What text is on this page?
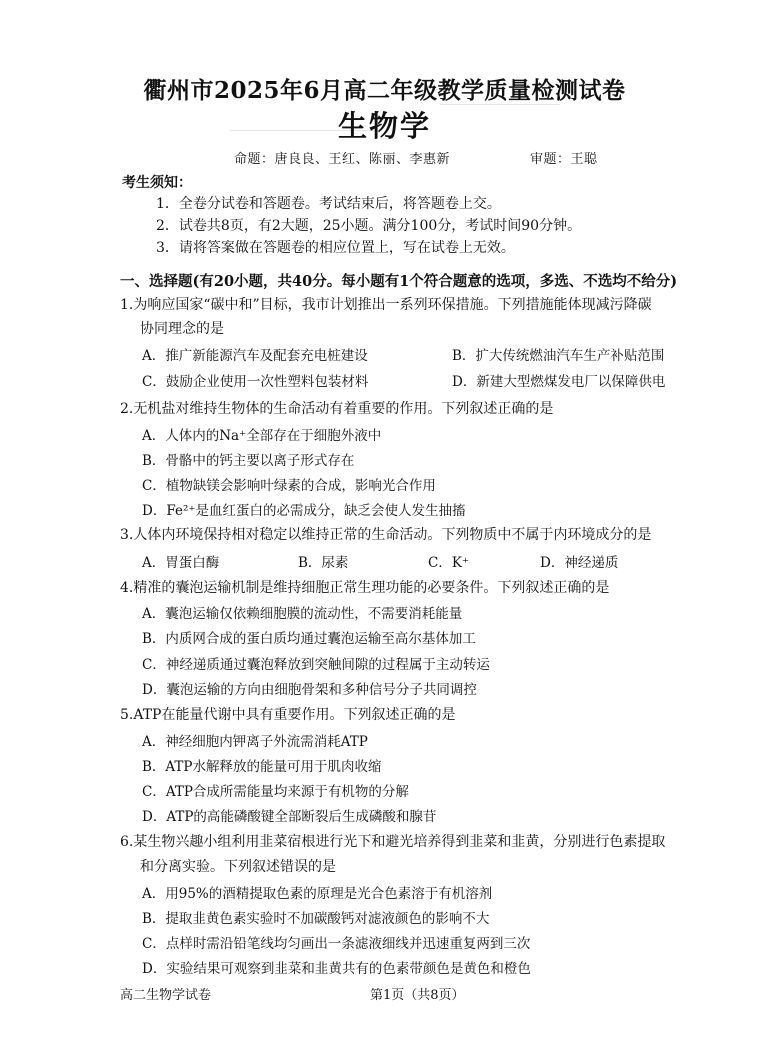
衢州市2025年6月高二年级教学质量检测试卷
生物学
命题：唐良良、王红、陈丽、李惠新	审题：王聪
考生须知：
1．全卷分试卷和答题卷。考试结束后，将答题卷上交。
2．试卷共8页，有2大题，25小题。满分100分，考试时间90分钟。
3．请将答案做在答题卷的相应位置上，写在试卷上无效。
一、选择题(有20小题，共40分。每小题有1个符合题意的选项，多选、不选均不给分)
1.为响应国家“碳中和”目标，我市计划推出一系列环保措施。下列措施能体现减污降碳
协同理念的是
A．推广新能源汽车及配套充电桩建设	B．扩大传统燃油汽车生产补贴范围
C．鼓励企业使用一次性塑料包装材料	D．新建大型燃煤发电厂以保障供电
2.无机盐对维持生物体的生命活动有着重要的作用。下列叙述正确的是
A．人体内的Na⁺全部存在于细胞外液中
B．骨骼中的钙主要以离子形式存在
C．植物缺镁会影响叶绿素的合成，影响光合作用
D．Fe²⁺是血红蛋白的必需成分，缺乏会使人发生抽搐
3.人体内环境保持相对稳定以维持正常的生命活动。下列物质中不属于内环境成分的是
A．胃蛋白酶	B．尿素	C．K⁺	D．神经递质
4.精准的囊泡运输机制是维持细胞正常生理功能的必要条件。下列叙述正确的是
A．囊泡运输仅依赖细胞膜的流动性，不需要消耗能量
B．内质网合成的蛋白质均通过囊泡运输至高尔基体加工
C．神经递质通过囊泡释放到突触间隙的过程属于主动转运
D．囊泡运输的方向由细胞骨架和多种信号分子共同调控
5.ATP在能量代谢中具有重要作用。下列叙述正确的是
A．神经细胞内钾离子外流需消耗ATP
B．ATP水解释放的能量可用于肌肉收缩
C．ATP合成所需能量均来源于有机物的分解
D．ATP的高能磷酸键全部断裂后生成磷酸和腺苷
6.某生物兴趣小组利用韭菜宿根进行光下和避光培养得到韭菜和韭黄，分别进行色素提取
和分离实验。下列叙述错误的是
A．用95%的酒精提取色素的原理是光合色素溶于有机溶剂
B．提取韭黄色素实验时不加碳酸钙对滤液颜色的影响不大
C．点样时需沿铅笔线均匀画出一条滤液细线并迅速重复两到三次
D．实验结果可观察到韭菜和韭黄共有的色素带颜色是黄色和橙色
高二生物学试卷	第1页（共8页）
